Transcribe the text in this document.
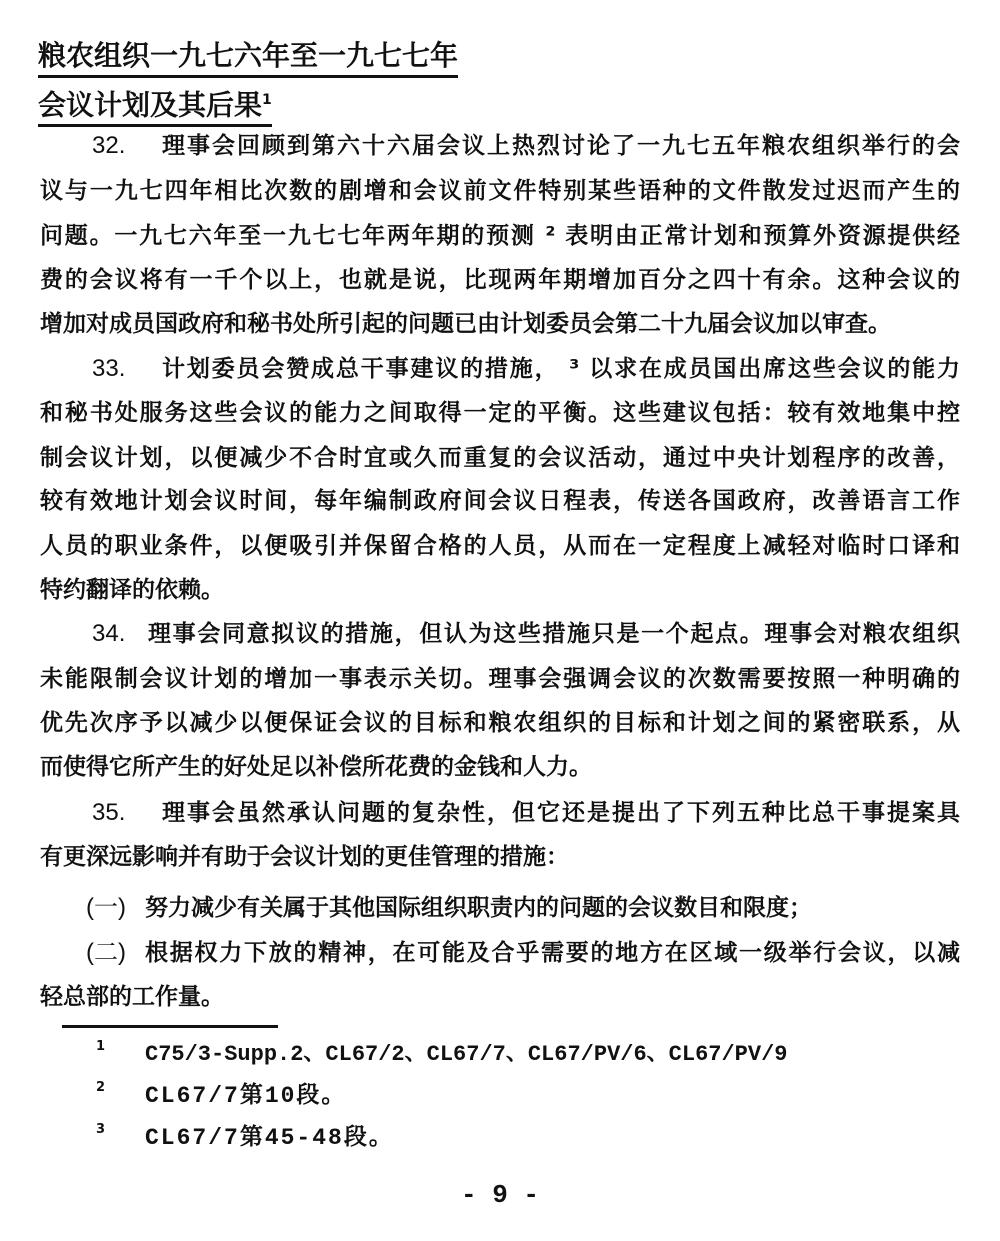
粮农组织一九七六年至一九七七年
会议计划及其后果$^1$
32. 理事会回顾到第六十六届会议上热烈讨论了一九七五年粮农组织举行的会
议与一九七四年相比次数的剧增和会议前文件特别某些语种的文件散发过迟而产生的
问题。一九七六年至一九七七年两年期的预测 ² 表明由正常计划和预算外资源提供经
费的会议将有一千个以上，也就是说，比现两年期增加百分之四十有余。这种会议的
增加对成员国政府和秘书处所引起的问题已由计划委员会第二十九届会议加以审查。
33. 计划委员会赞成总干事建议的措施， ³ 以求在成员国出席这些会议的能力
和秘书处服务这些会议的能力之间取得一定的平衡。这些建议包括：较有效地集中控
制会议计划，以便减少不合时宜或久而重复的会议活动，通过中央计划程序的改善，
较有效地计划会议时间，每年编制政府间会议日程表，传送各国政府，改善语言工作
人员的职业条件，以便吸引并保留合格的人员，从而在一定程度上减轻对临时口译和
特约翻译的依赖。
34. 理事会同意拟议的措施，但认为这些措施只是一个起点。理事会对粮农组织
未能限制会议计划的增加一事表示关切。理事会强调会议的次数需要按照一种明确的
优先次序予以减少以便保证会议的目标和粮农组织的目标和计划之间的紧密联系，从
而使得它所产生的好处足以补偿所花费的金钱和人力。
35. 理事会虽然承认问题的复杂性，但它还是提出了下列五种比总干事提案具
有更深远影响并有助于会议计划的更佳管理的措施：
(一) 努力减少有关属于其他国际组织职责内的问题的会议数目和限度；
(二) 根据权力下放的精神，在可能及合乎需要的地方在区域一级举行会议，以减
轻总部的工作量。
1 C75/3-Supp.2、CL67/2、CL67/7、CL67/PV/6、CL67/PV/9
2 CL67/7第10段。
3 CL67/7第45-48段。
- 9 -
